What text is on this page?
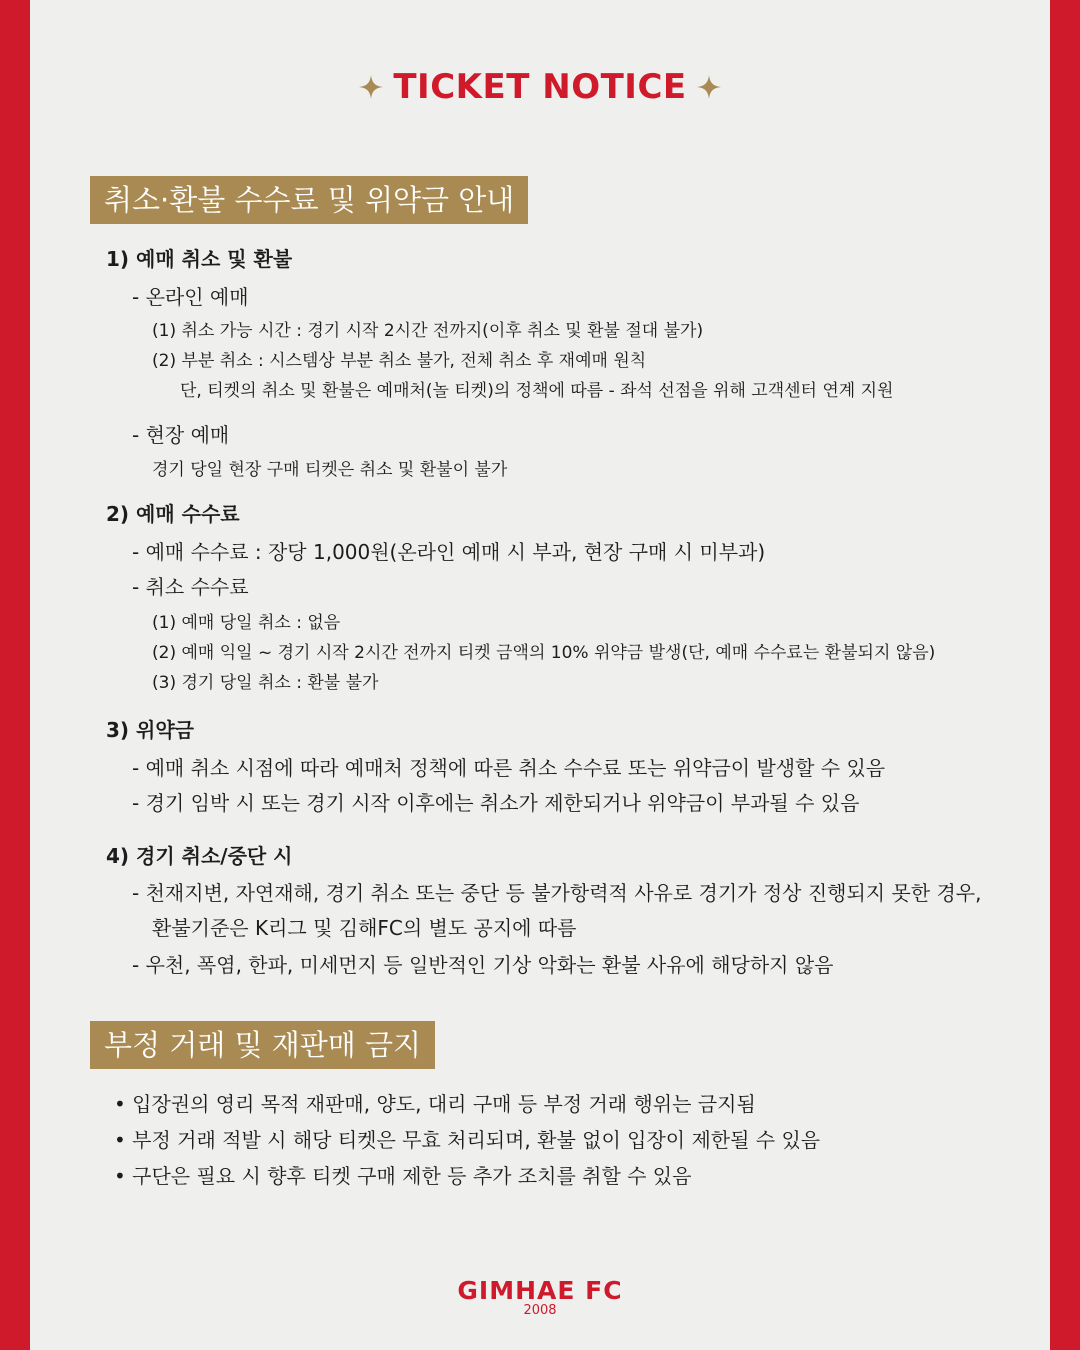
TICKET NOTICE
취소·환불 수수료 및 위약금 안내
1) 예매 취소 및 환불
- 온라인 예매
(1) 취소 가능 시간 : 경기 시작 2시간 전까지(이후 취소 및 환불 절대 불가)
(2) 부분 취소 : 시스템상 부분 취소 불가, 전체 취소 후 재예매 원칙
단, 티켓의 취소 및 환불은 예매처(놀 티켓)의 정책에 따름 - 좌석 선점을 위해 고객센터 연계 지원
- 현장 예매
경기 당일 현장 구매 티켓은 취소 및 환불이 불가
2) 예매 수수료
- 예매 수수료 : 장당 1,000원(온라인 예매 시 부과, 현장 구매 시 미부과)
- 취소 수수료
(1) 예매 당일 취소 : 없음
(2) 예매 익일 ~ 경기 시작 2시간 전까지 티켓 금액의 10% 위약금 발생(단, 예매 수수료는 환불되지 않음)
(3) 경기 당일 취소 : 환불 불가
3) 위약금
- 예매 취소 시점에 따라 예매처 정책에 따른 취소 수수료 또는 위약금이 발생할 수 있음
- 경기 임박 시 또는 경기 시작 이후에는 취소가 제한되거나 위약금이 부과될 수 있음
4) 경기 취소/중단 시
- 천재지변, 자연재해, 경기 취소 또는 중단 등 불가항력적 사유로 경기가 정상 진행되지 못한 경우,
환불기준은 K리그 및 김해FC의 별도 공지에 따름
- 우천, 폭염, 한파, 미세먼지 등 일반적인 기상 악화는 환불 사유에 해당하지 않음
부정 거래 및 재판매 금지
• 입장권의 영리 목적 재판매, 양도, 대리 구매 등 부정 거래 행위는 금지됨
• 부정 거래 적발 시 해당 티켓은 무효 처리되며, 환불 없이 입장이 제한될 수 있음
• 구단은 필요 시 향후 티켓 구매 제한 등 추가 조치를 취할 수 있음
GIMHAE FC
2008
